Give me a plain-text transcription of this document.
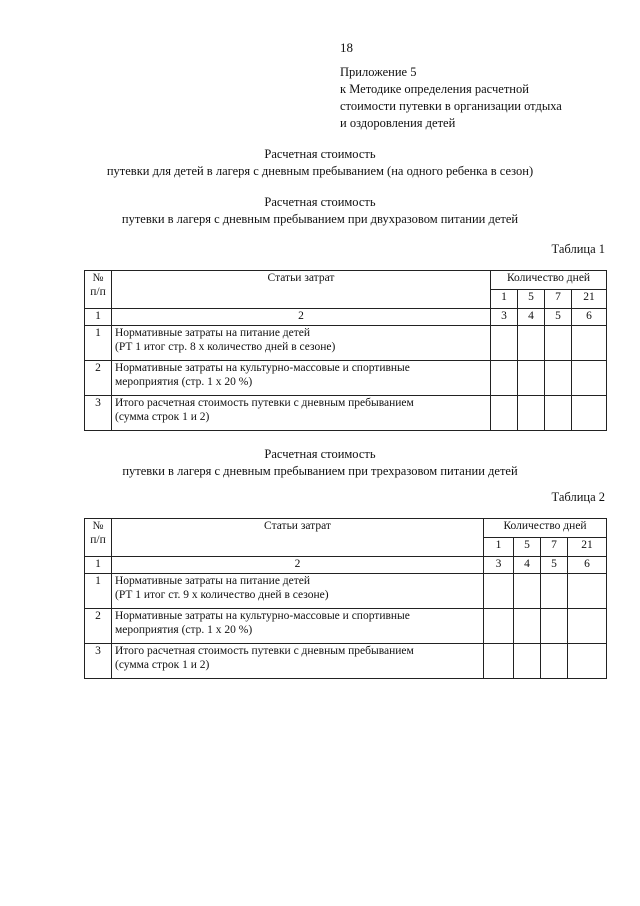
18
Приложение 5
к Методике определения расчетной
стоимости путевки в организации отдыха
и оздоровления детей
Расчетная стоимость
путевки для детей в лагеря с дневным пребыванием (на одного ребенка в сезон)
Расчетная стоимость
путевки в лагеря с дневным пребыванием при двухразовом питании детей
Таблица 1
№
п/п	Статьи затрат	Количество дней			
		1	5	7	21
1	2	3	4	5	6
1	Нормативные затраты на питание детей
(РТ 1 итог стр. 8 х количество дней в сезоне)				

2	Нормативные затраты на культурно-массовые и спортивные
мероприятия (стр. 1 х 20 %)				

3	Итого расчетная стоимость путевки с дневным пребыванием
(сумма строк 1 и 2)				

Расчетная стоимость
путевки в лагеря с дневным пребыванием при трехразовом питании детей
Таблица 2
№
п/п	Статьи затрат	Количество дней			
		1	5	7	21
1	2	3	4	5	6
1	Нормативные затраты на питание детей
(РТ 1 итог ст. 9 х количество дней в сезоне)				

2	Нормативные затраты на культурно-массовые и спортивные
мероприятия (стр. 1 х 20 %)				

3	Итого расчетная стоимость путевки с дневным пребыванием
(сумма строк 1 и 2)				
